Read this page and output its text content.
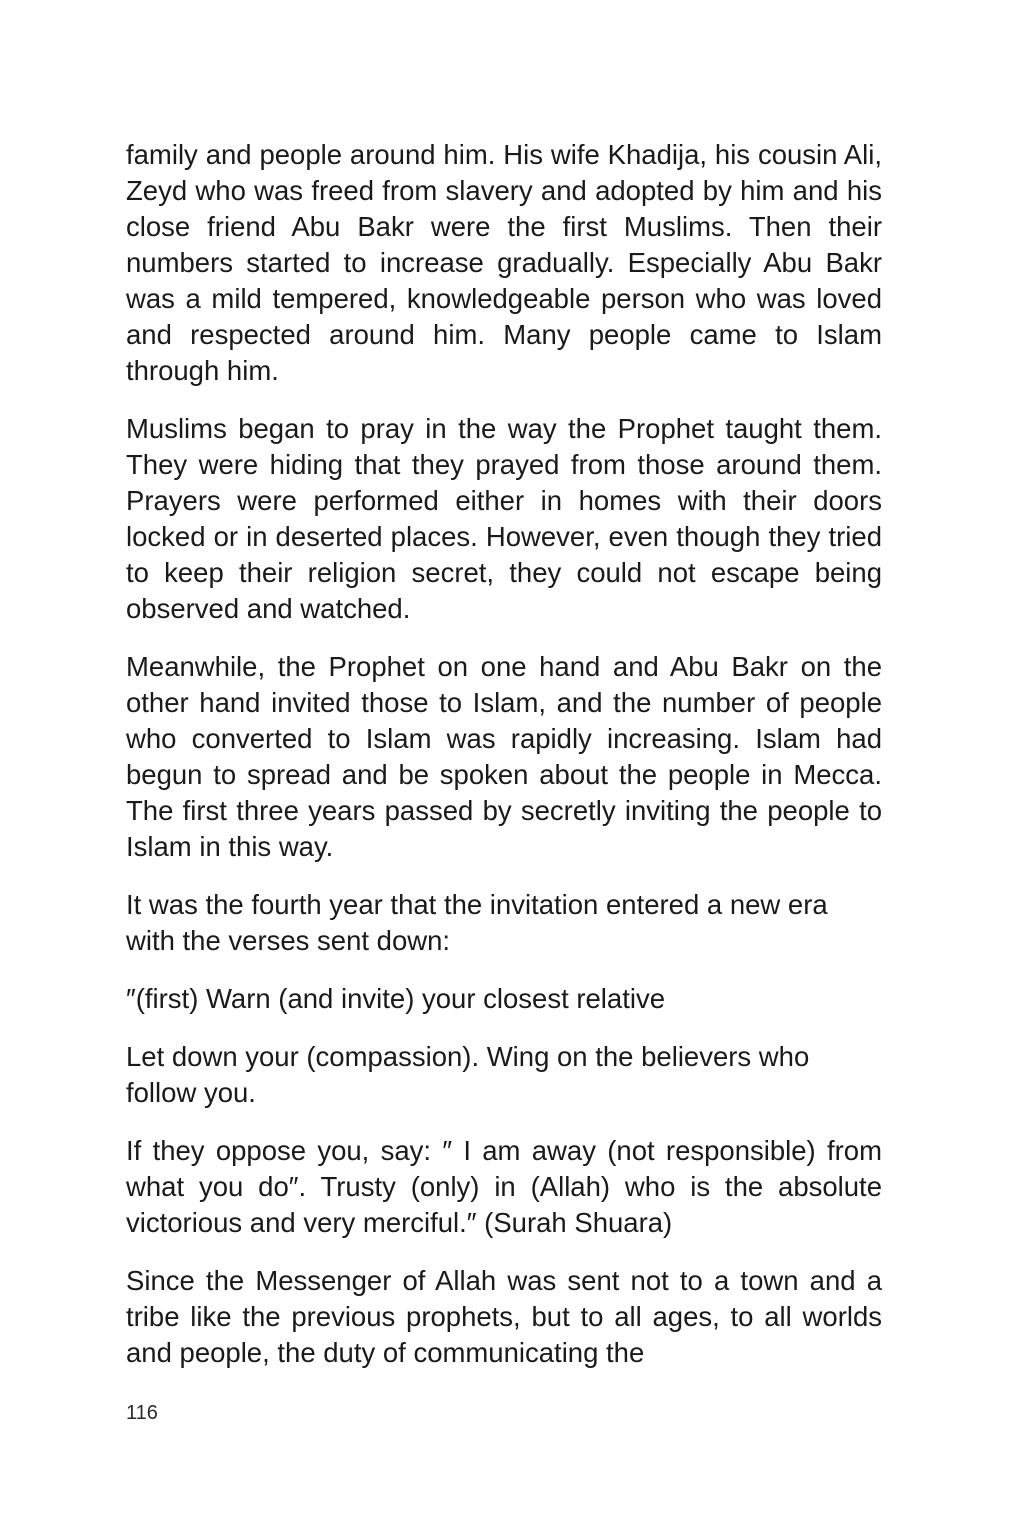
family and people around him. His wife Khadija, his cousin Ali, Zeyd who was freed from slavery and adopted by him and his close friend Abu Bakr were the first Muslims. Then their numbers started to increase gradually. Especially Abu Bakr was a mild tempered, knowledgeable person who was loved and respected around him. Many people came to Islam through him.

Muslims began to pray in the way the Prophet taught them. They were hiding that they prayed from those around them. Prayers were performed either in homes with their doors locked or in deserted places. However, even though they tried to keep their religion secret, they could not escape being observed and watched.

Meanwhile, the Prophet on one hand and Abu Bakr on the other hand invited those to Islam, and the number of people who converted to Islam was rapidly increasing. Islam had begun to spread and be spoken about the people in Mecca. The first three years passed by secretly inviting the people to Islam in this way.

It was the fourth year that the invitation entered a new era with the verses sent down:

″(first) Warn (and invite) your closest relative

Let down your (compassion). Wing on the believers who follow you.

If they oppose you, say: ″ I am away (not responsible) from what you do″. Trusty (only) in (Allah) who is the absolute victorious and very merciful.″ (Surah Shuara)

Since the Messenger of Allah was sent not to a town and a tribe like the previous prophets, but to all ages, to all worlds and people, the duty of communicating the

116
